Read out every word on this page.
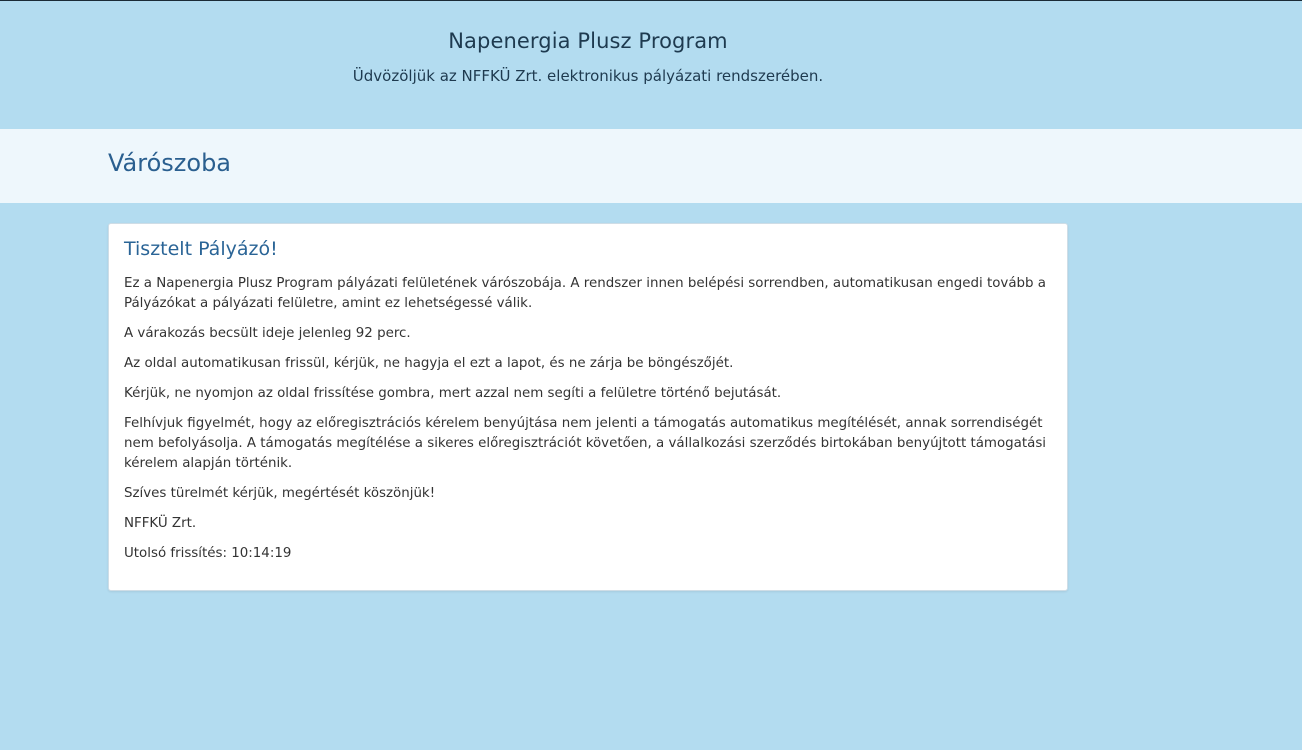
Napenergia Plusz Program

Üdvözöljük az NFFKÜ Zrt. elektronikus pályázati rendszerében.

Várószoba
Tisztelt Pályázó!

Ez a Napenergia Plusz Program pályázati felületének várószobája. A rendszer innen belépési sorrendben, automatikusan engedi tovább a Pályázókat a pályázati felületre, amint ez lehetségessé válik.

A várakozás becsült ideje jelenleg 92 perc.

Az oldal automatikusan frissül, kérjük, ne hagyja el ezt a lapot, és ne zárja be böngészőjét.

Kérjük, ne nyomjon az oldal frissítése gombra, mert azzal nem segíti a felületre történő bejutását.

Felhívjuk figyelmét, hogy az előregisztrációs kérelem benyújtása nem jelenti a támogatás automatikus megítélését, annak sorrendiségét nem befolyásolja. A támogatás megítélése a sikeres előregisztrációt követően, a vállalkozási szerződés birtokában benyújtott támogatási kérelem alapján történik.

Szíves türelmét kérjük, megértését köszönjük!

NFFKÜ Zrt.

Utolsó frissítés: 10:14:19
